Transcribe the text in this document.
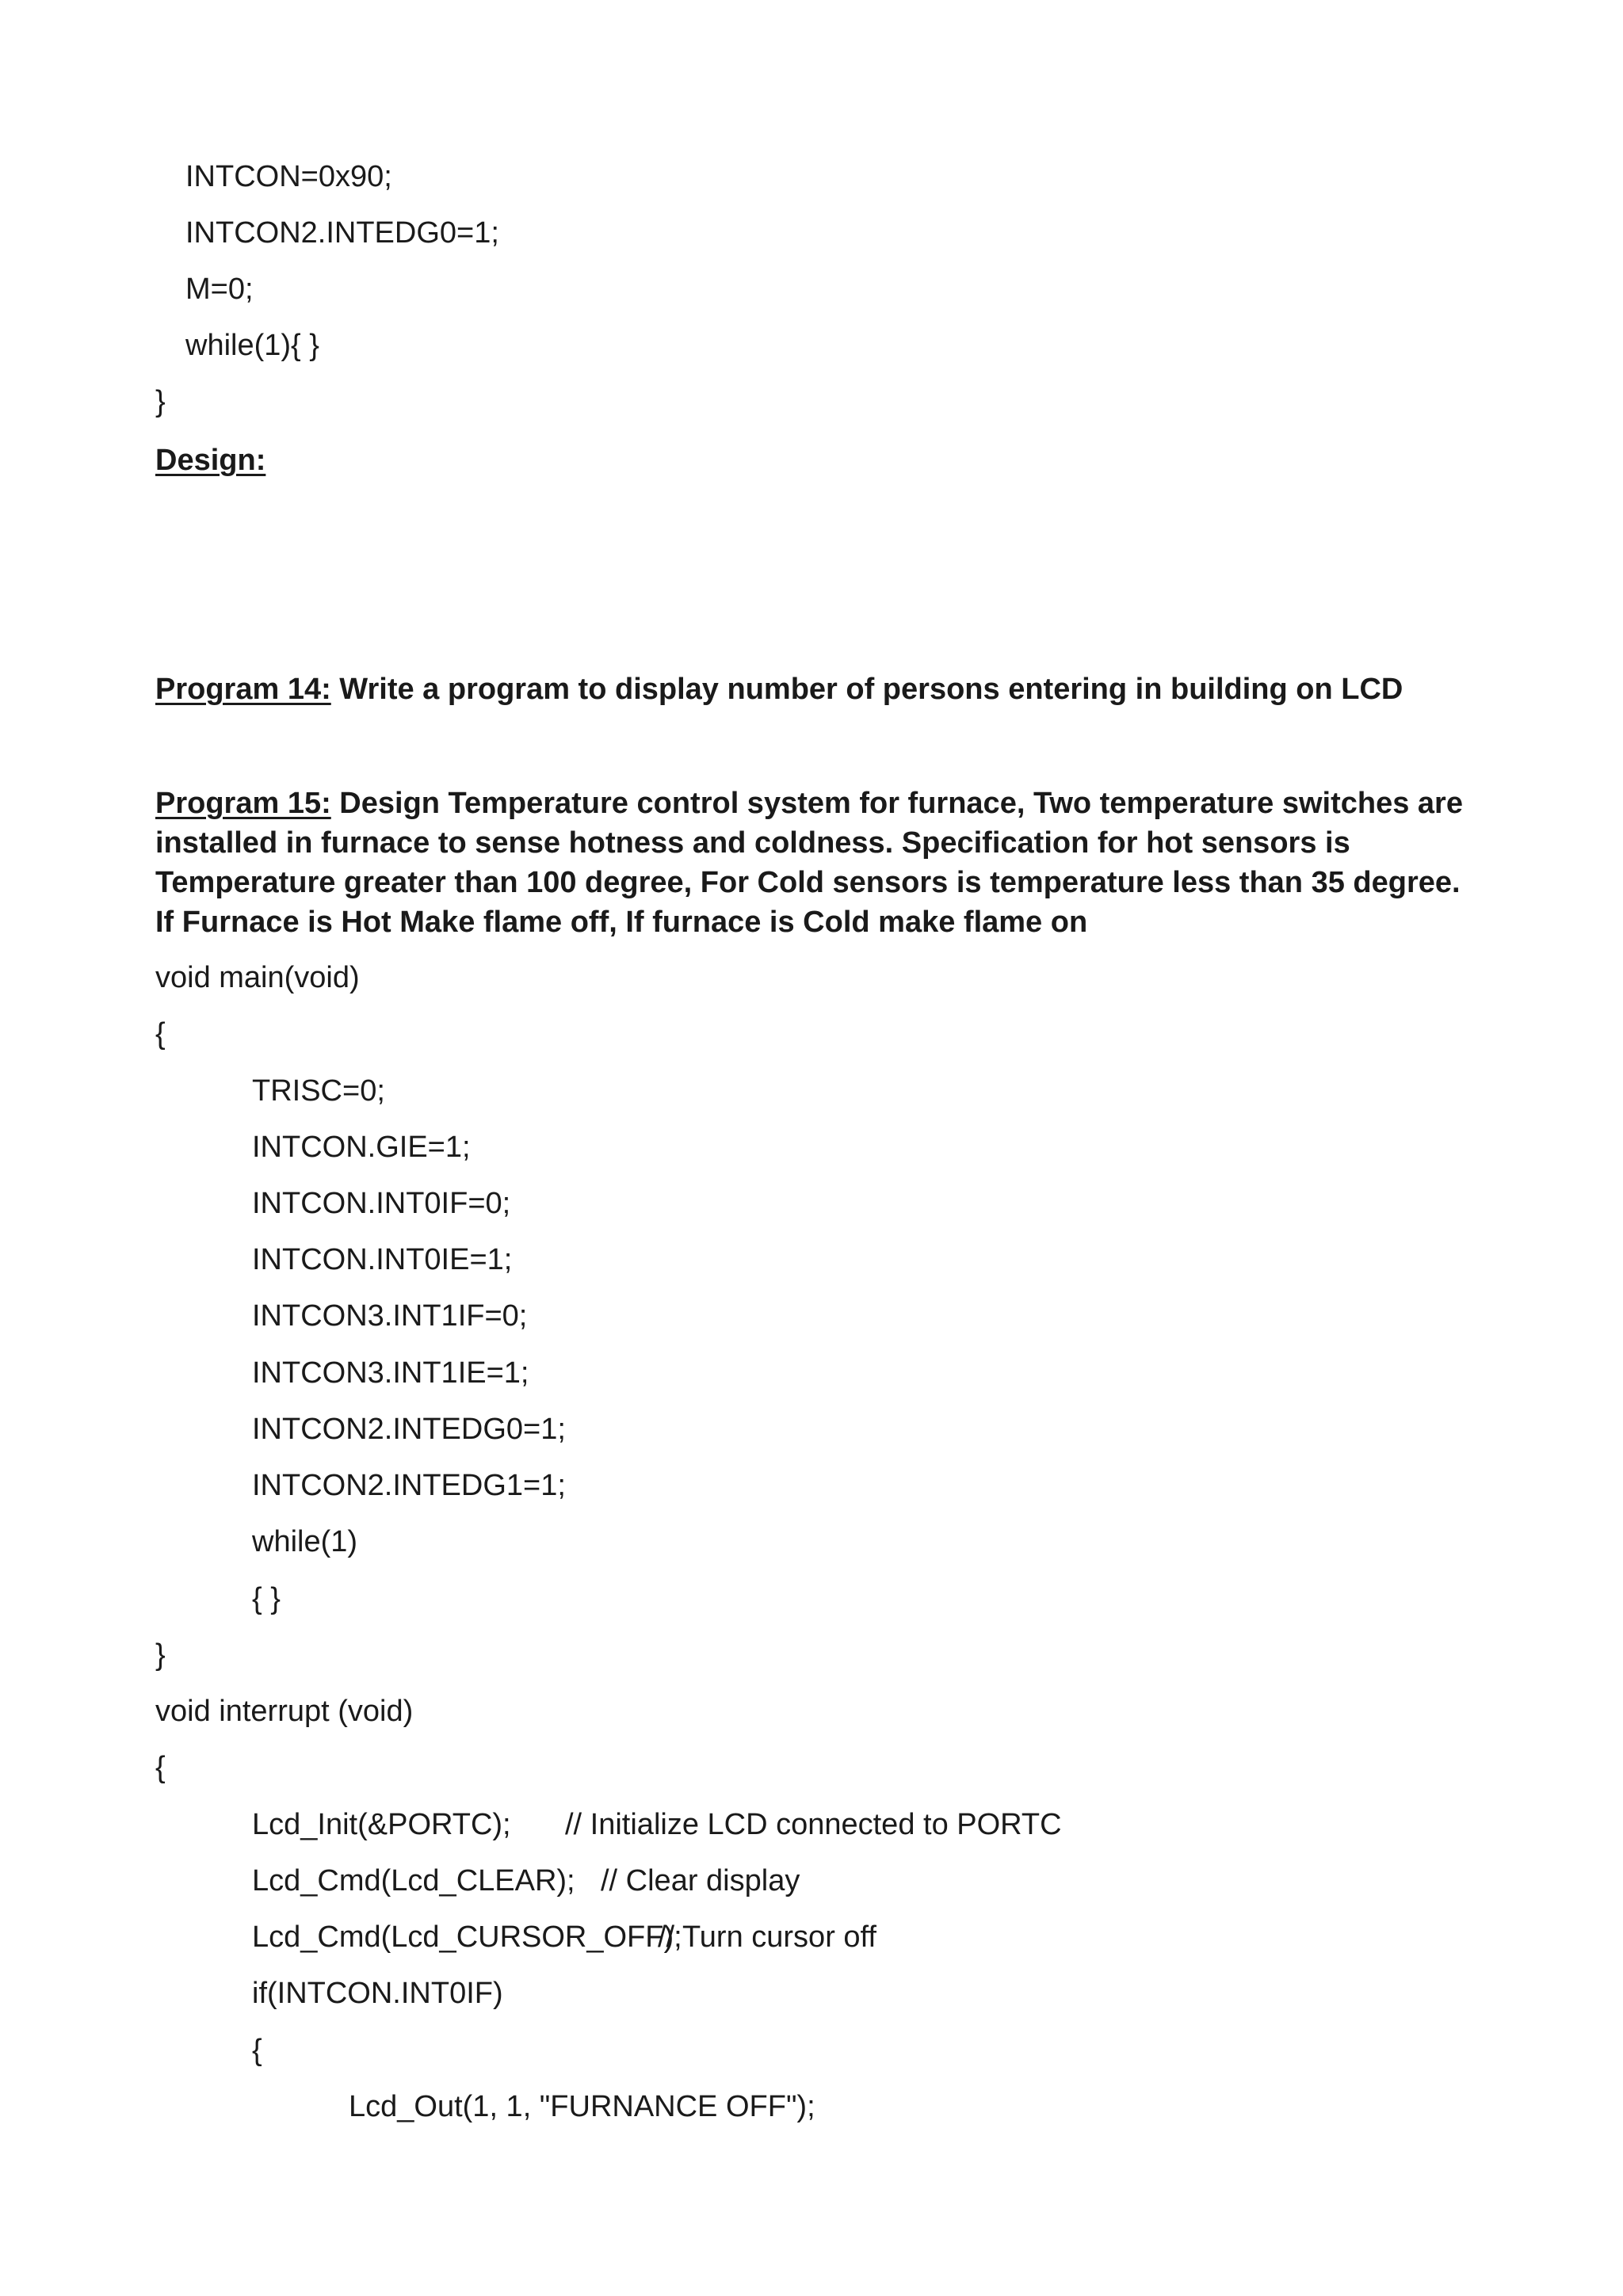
INTCON=0x90;
INTCON2.INTEDG0=1;
M=0;
while(1){ }
}
Design:
Program 14: Write a program to display number of persons entering in building on LCD
Program 15: Design Temperature control system for furnace, Two temperature switches are installed in furnace to sense hotness and coldness. Specification for hot sensors is Temperature greater than 100 degree, For Cold sensors is temperature less than 35 degree. If Furnace is Hot Make flame off, If furnace is Cold make flame on
void main(void)
{
TRISC=0;
INTCON.GIE=1;
INTCON.INT0IF=0;
INTCON.INT0IE=1;
INTCON3.INT1IF=0;
INTCON3.INT1IE=1;
INTCON2.INTEDG0=1;
INTCON2.INTEDG1=1;
while(1)
{ }
}
void interrupt (void)
{
Lcd_Init(&PORTC); // Initialize LCD connected to PORTC
Lcd_Cmd(Lcd_CLEAR); // Clear display
Lcd_Cmd(Lcd_CURSOR_OFF);
// Turn cursor off
if(INTCON.INT0IF)
{
Lcd_Out(1, 1, "FURNANCE OFF");
